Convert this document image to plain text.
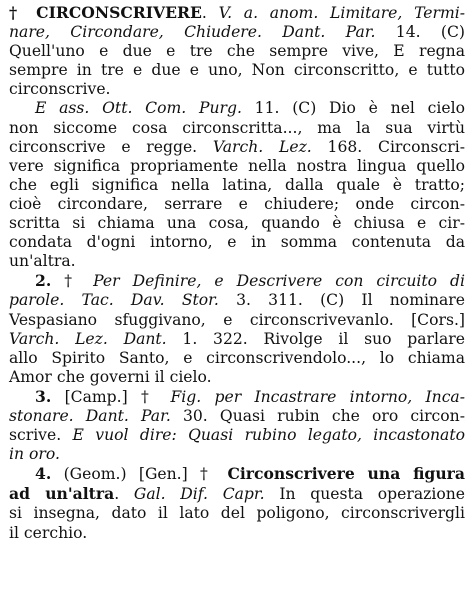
† CIRCONSCRIVERE. V. a. anom. Limitare, Termi-
nare, Circondare, Chiudere. Dant. Par. 14. (C)
Quell'uno e due e tre che sempre vive, E regna
sempre in tre e due e uno, Non circonscritto, e tutto
circonscrive.
E ass. Ott. Com. Purg. 11. (C) Dio è nel cielo
non siccome cosa circonscritta..., ma la sua virtù
circonscrive e regge. Varch. Lez. 168. Circonscri-
vere significa propriamente nella nostra lingua quello
che egli significa nella latina, dalla quale è tratto;
cioè circondare, serrare e chiudere; onde circon-
scritta si chiama una cosa, quando è chiusa e cir-
condata d'ogni intorno, e in somma contenuta da
un'altra.
2. † Per Definire, e Descrivere con circuito di
parole. Tac. Dav. Stor. 3. 311. (C) Il nominare
Vespasiano sfuggivano, e circonscrivevanlo. [Cors.]
Varch. Lez. Dant. 1. 322. Rivolge il suo parlare
allo Spirito Santo, e circonscrivendolo..., lo chiama
Amor che governi il cielo.
3. [Camp.] † Fig. per Incastrare intorno, Inca-
stonare. Dant. Par. 30. Quasi rubin che oro circon-
scrive. E vuol dire: Quasi rubino legato, incastonato
in oro.
4. (Geom.) [Gen.] † Circonscrivere una figura
ad un'altra. Gal. Dif. Capr. In questa operazione
si insegna, dato il lato del poligono, circonscrivergli
il cerchio.
